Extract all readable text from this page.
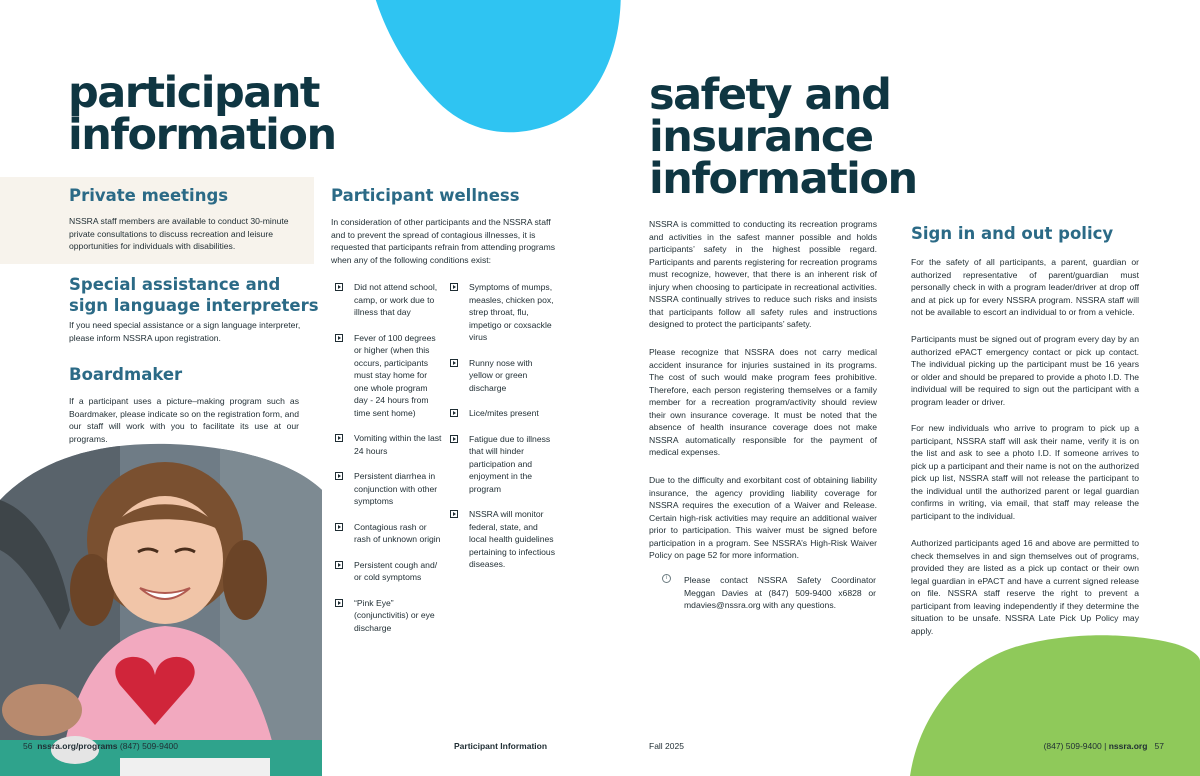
participant
information
Private meetings
NSSRA staff members are available to conduct 30-minute private consultations to discuss recreation and leisure opportunities for individuals with disabilities.
Special assistance and
sign language interpreters
If you need special assistance or a sign language interpreter, please inform NSSRA upon registration.
Boardmaker
If a participant uses a picture–making program such as Boardmaker, please indicate so on the registration form, and our staff will work with you to facilitate its use at our programs.
Participant wellness
In consideration of other participants and the NSSRA staff and to prevent the spread of contagious illnesses, it is requested that participants refrain from attending programs when any of the following conditions exist:
Did not attend school, camp, or work due to illness that day
Fever of 100 degrees or higher (when this occurs, participants must stay home for one whole program day - 24 hours from time sent home)
Vomiting within the last 24 hours
Persistent diarrhea in conjunction with other symptoms
Contagious rash or rash of unknown origin
Persistent cough and/ or cold symptoms
“Pink Eye” (conjunctivitis) or eye discharge
Symptoms of mumps, measles, chicken pox, strep throat, flu, impetigo or coxsackle virus
Runny nose with yellow or green discharge
Lice/mites present
Fatigue due to illness that will hinder participation and enjoyment in the program
NSSRA will monitor federal, state, and local health guidelines pertaining to infectious diseases.
56 nssra.org/programs (847) 509-9400	Participant Information
safety and
insurance
information
NSSRA is committed to conducting its recreation programs and activities in the safest manner possible and holds participants’ safety in the highest possible regard. Participants and parents registering for recreation programs must recognize, however, that there is an inherent risk of injury when choosing to participate in recreational activities. NSSRA continually strives to reduce such risks and insists that participants follow all safety rules and instructions designed to protect the participants’ safety.
Please recognize that NSSRA does not carry medical accident insurance for injuries sustained in its programs. The cost of such would make program fees prohibitive. Therefore, each person registering themselves or a family member for a recreation program/activity should review their own insurance coverage. It must be noted that the absence of health insurance coverage does not make NSSRA automatically responsible for the payment of medical expenses.
Due to the difficulty and exorbitant cost of obtaining liability insurance, the agency providing liability coverage for NSSRA requires the execution of a Waiver and Release. Certain high-risk activities may require an additional waiver prior to participation. This waiver must be signed before participation in a program. See NSSRA’s High-Risk Waiver Policy on page 52 for more information.
i	Please contact NSSRA Safety Coordinator Meggan Davies at (847) 509-9400 x6828 or mdavies@nssra.org with any questions.
Sign in and out policy
For the safety of all participants, a parent, guardian or authorized representative of parent/guardian must personally check in with a program leader/driver at drop off and at pick up for every NSSRA program. NSSRA staff will not be available to escort an individual to or from a vehicle.
Participants must be signed out of program every day by an authorized ePACT emergency contact or pick up contact. The individual picking up the participant must be 16 years or older and should be prepared to provide a photo I.D. The individual will be required to sign out the participant with a program leader or driver.
For new individuals who arrive to program to pick up a participant, NSSRA staff will ask their name, verify it is on the list and ask to see a photo I.D. If someone arrives to pick up a participant and their name is not on the authorized pick up list, NSSRA staff will not release the participant to the individual until the authorized parent or legal guardian confirms in writing, via email, that staff may release the participant to the individual.
Authorized participants aged 16 and above are permitted to check themselves in and sign themselves out of programs, provided they are listed as a pick up contact or their own legal guardian in ePACT and have a current signed release on file. NSSRA staff reserve the right to prevent a participant from leaving independently if they determine the situation to be unsafe. NSSRA Late Pick Up Policy may apply.
Fall 2025	(847) 509-9400 | nssra.org 57
